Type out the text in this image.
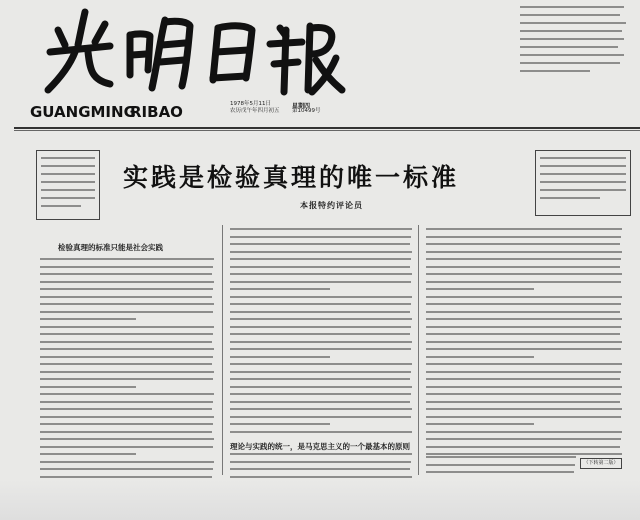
GUANGMING
RIBAO	1978年5月11日
农历戊午年四月初五
星期四
第10499号
实践是检验真理的唯一标准
本报特约评论员
检验真理的标准只能是社会实践
理论与实践的统一，是马克思主义的一个最基本的原则
（下转第二版）
